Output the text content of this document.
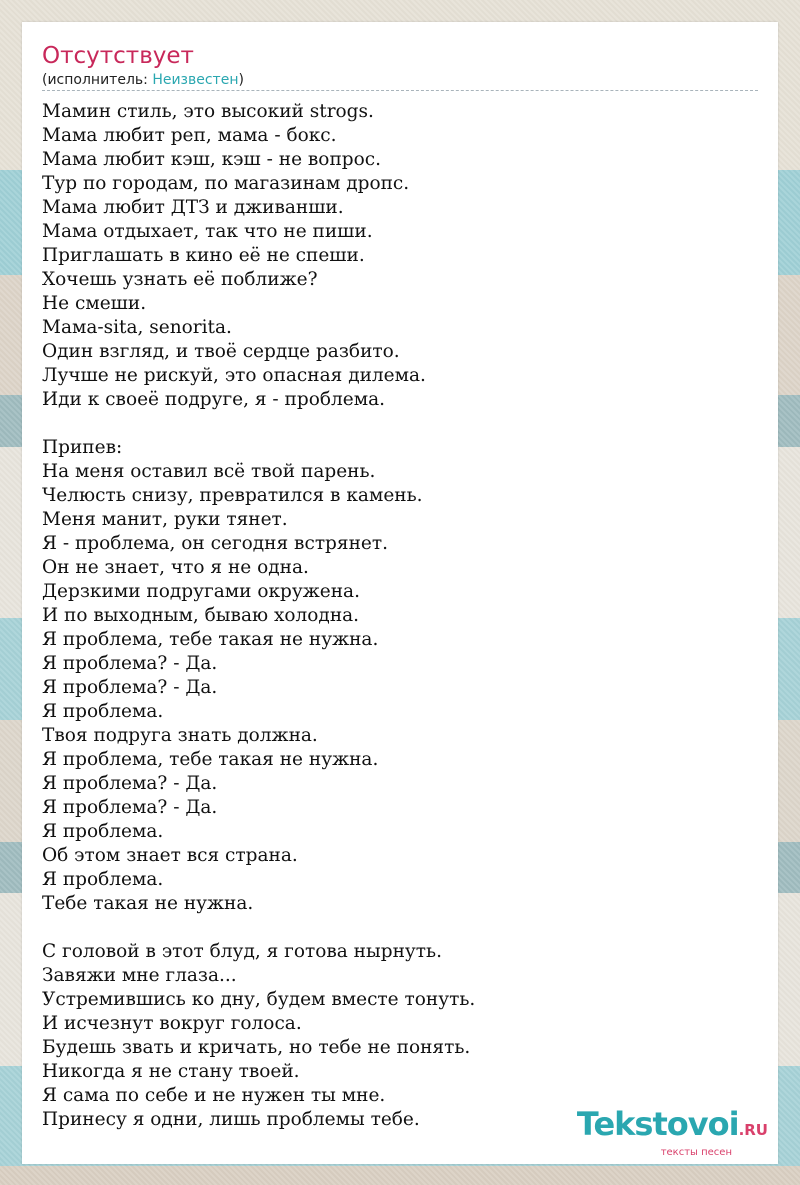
Отсутствует
(исполнитель: Неизвестен)
Мамин стиль, это высокий strogs.
Мама любит реп, мама - бокс.
Мама любит кэш, кэш - не вопрос.
Тур по городам, по магазинам дропс.
Мама любит ДТЗ и дживанши.
Мама отдыхает, так что не пиши.
Приглашать в кино её не спеши.
Хочешь узнать её поближе?
Не смеши.
Мама-sita, senorita.
Один взгляд, и твоё сердце разбито.
Лучше не рискуй, это опасная дилема.
Иди к своеё подруге, я - проблема.
Припев:
На меня оставил всё твой парень.
Челюсть снизу, превратился в камень.
Меня манит, руки тянет.
Я - проблема, он сегодня встрянет.
Он не знает, что я не одна.
Дерзкими подругами окружена.
И по выходным, бываю холодна.
Я проблема, тебе такая не нужна.
Я проблема? - Да.
Я проблема? - Да.
Я проблема.
Твоя подруга знать должна.
Я проблема, тебе такая не нужна.
Я проблема? - Да.
Я проблема? - Да.
Я проблема.
Об этом знает вся страна.
Я проблема.
Тебе такая не нужна.
С головой в этот блуд, я готова нырнуть.
Завяжи мне глаза...
Устремившись ко дну, будем вместе тонуть.
И исчезнут вокруг голоса.
Будешь звать и кричать, но тебе не понять.
Никогда я не стану твоей.
Я сама по себе и не нужен ты мне.
Принесу я одни, лишь проблемы тебе.	Tekstovoi.RU
тексты песен
